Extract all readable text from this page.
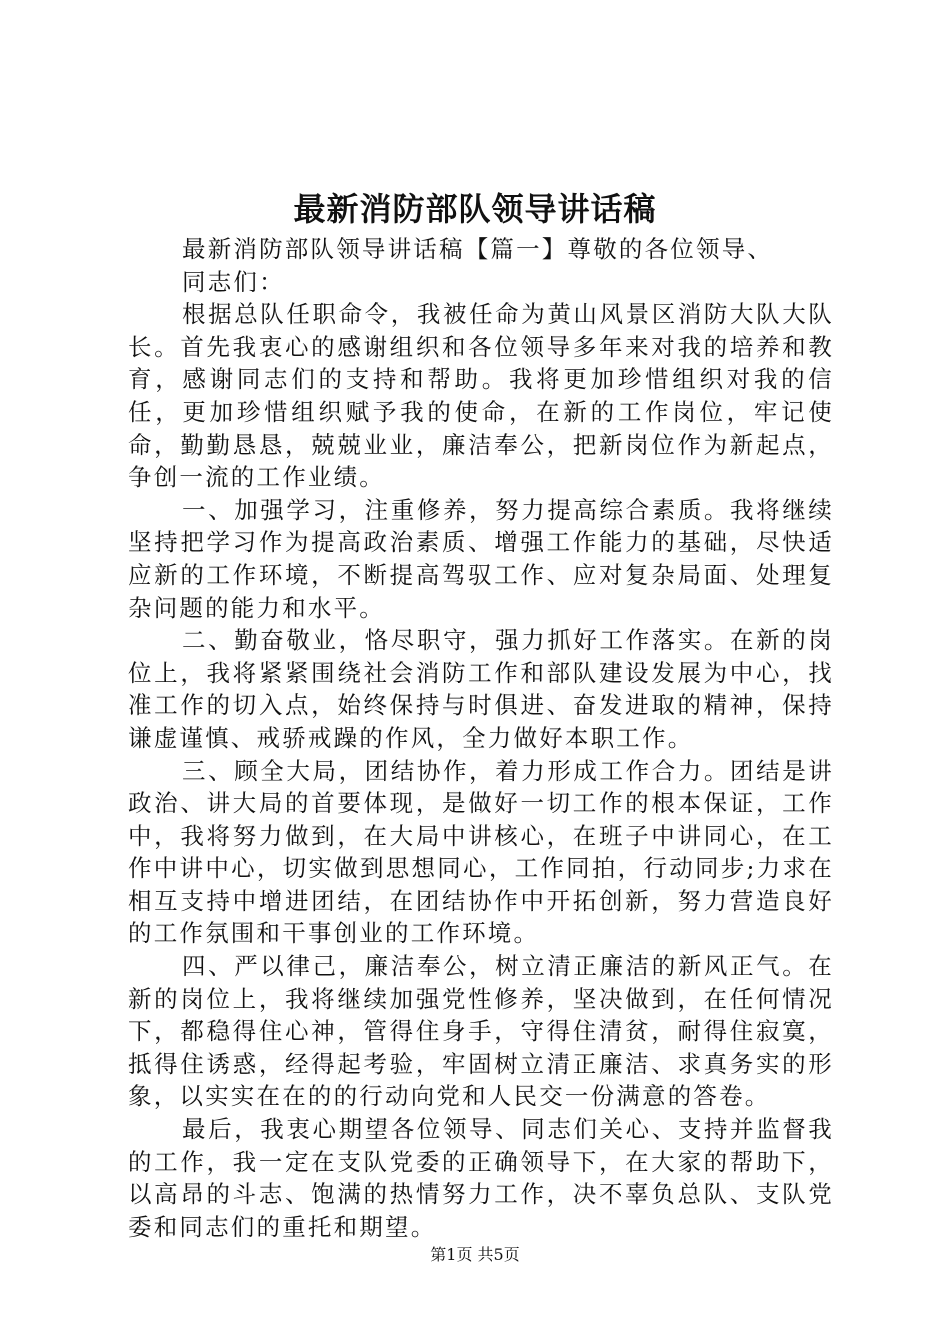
最新消防部队领导讲话稿

最新消防部队领导讲话稿【篇一】尊敬的各位领导、

同志们：

根据总队任职命令，我被任命为黄山风景区消防大队大队长。首先我衷心的感谢组织和各位领导多年来对我的培养和教育，感谢同志们的支持和帮助。我将更加珍惜组织对我的信任，更加珍惜组织赋予我的使命，在新的工作岗位，牢记使命，勤勤恳恳，兢兢业业，廉洁奉公，把新岗位作为新起点，争创一流的工作业绩。

一、加强学习，注重修养，努力提高综合素质。我将继续坚持把学习作为提高政治素质、增强工作能力的基础，尽快适应新的工作环境，不断提高驾驭工作、应对复杂局面、处理复杂问题的能力和水平。

二、勤奋敬业，恪尽职守，强力抓好工作落实。在新的岗位上，我将紧紧围绕社会消防工作和部队建设发展为中心，找准工作的切入点，始终保持与时俱进、奋发进取的精神，保持谦虚谨慎、戒骄戒躁的作风，全力做好本职工作。

三、顾全大局，团结协作，着力形成工作合力。团结是讲政治、讲大局的首要体现，是做好一切工作的根本保证，工作中，我将努力做到，在大局中讲核心，在班子中讲同心，在工作中讲中心，切实做到思想同心，工作同拍，行动同步;力求在相互支持中增进团结，在团结协作中开拓创新，努力营造良好的工作氛围和干事创业的工作环境。

四、严以律己，廉洁奉公，树立清正廉洁的新风正气。在新的岗位上，我将继续加强党性修养，坚决做到，在任何情况下，都稳得住心神，管得住身手，守得住清贫，耐得住寂寞，抵得住诱惑，经得起考验，牢固树立清正廉洁、求真务实的形象，以实实在在的的行动向党和人民交一份满意的答卷。

最后，我衷心期望各位领导、同志们关心、支持并监督我的工作，我一定在支队党委的正确领导下，在大家的帮助下，以高昂的斗志、饱满的热情努力工作，决不辜负总队、支队党委和同志们的重托和期望。

第1页 共5页
